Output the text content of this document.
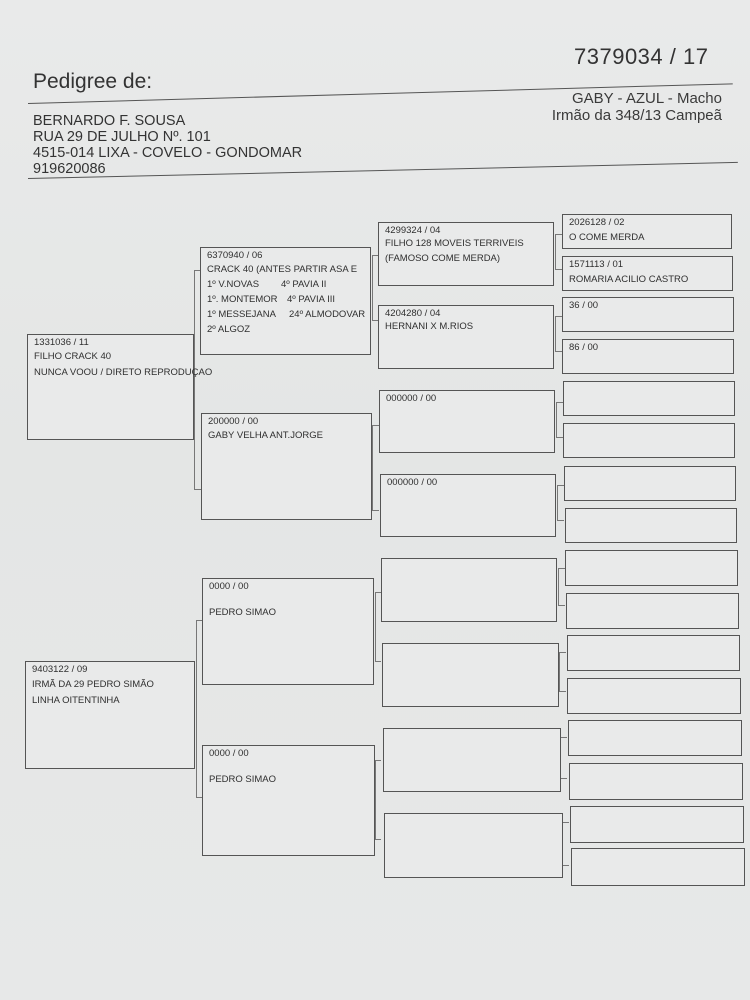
7379034 / 17
Pedigree de:
GABY - AZUL - Macho
Irmão da 348/13 Campeã
BERNARDO F. SOUSA
RUA 29 DE JULHO Nº. 101
4515-014 LIXA - COVELO - GONDOMAR
919620086
1331036 / 11
FILHO CRACK 40
NUNCA VOOU / DIRETO REPRODUÇAO
9403122 / 09
IRMÃ DA 29 PEDRO SIMÃO
LINHA OITENTINHA
6370940 / 06
CRACK 40 (ANTES PARTIR ASA E
1º V.NOVAS 4º PAVIA II
1º. MONTEMOR 4º PAVIA III
1º MESSEJANA 24º ALMODOVAR
2º ALGOZ
200000 / 00
GABY VELHA ANT.JORGE
0000 / 00
PEDRO SIMAO
0000 / 00
PEDRO SIMAO
4299324 / 04
FILHO 128 MOVEIS TERRIVEIS
(FAMOSO COME MERDA)
4204280 / 04
HERNANI X M.RIOS
000000 / 00
000000 / 00
2026128 / 02
O COME MERDA
1571113 / 01
ROMARIA ACILIO CASTRO
36 / 00
86 / 00
